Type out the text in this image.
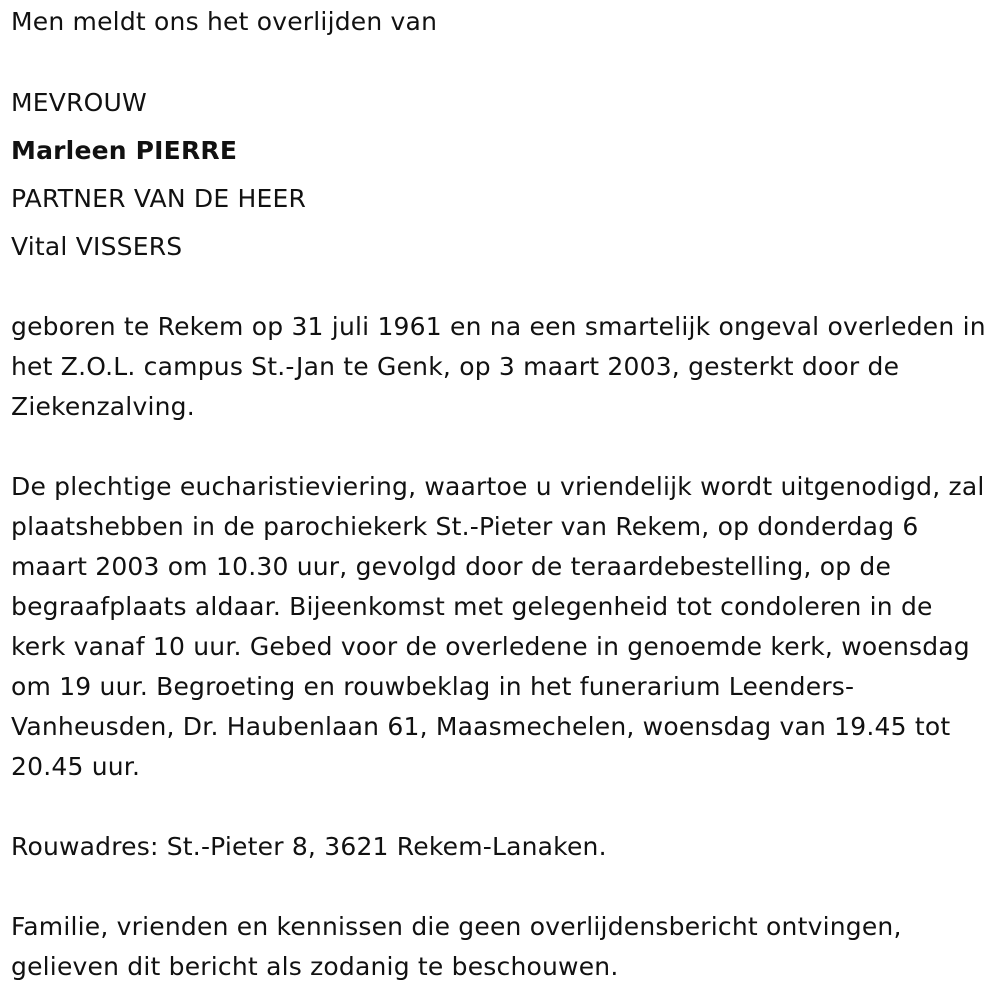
Men meldt ons het overlijden van
MEVROUW
Marleen PIERRE
PARTNER VAN DE HEER
Vital VISSERS

geboren te Rekem op 31 juli 1961 en na een smartelijk ongeval overleden in het Z.O.L. campus St.-Jan te Genk, op 3 maart 2003, gesterkt door de Ziekenzalving.

De plechtige eucharistieviering, waartoe u vriendelijk wordt uitgenodigd, zal plaatshebben in de parochiekerk St.-Pieter van Rekem, op donderdag 6 maart 2003 om 10.30 uur, gevolgd door de teraardebestelling, op de begraafplaats aldaar. Bijeenkomst met gelegenheid tot condoleren in de kerk vanaf 10 uur. Gebed voor de overledene in genoemde kerk, woensdag om 19 uur. Begroeting en rouwbeklag in het funerarium Leenders-Vanheusden, Dr. Haubenlaan 61, Maasmechelen, woensdag van 19.45 tot 20.45 uur.

Rouwadres: St.-Pieter 8, 3621 Rekem-Lanaken.

Familie, vrienden en kennissen die geen overlijdensbericht ontvingen, gelieven dit bericht als zodanig te beschouwen.
